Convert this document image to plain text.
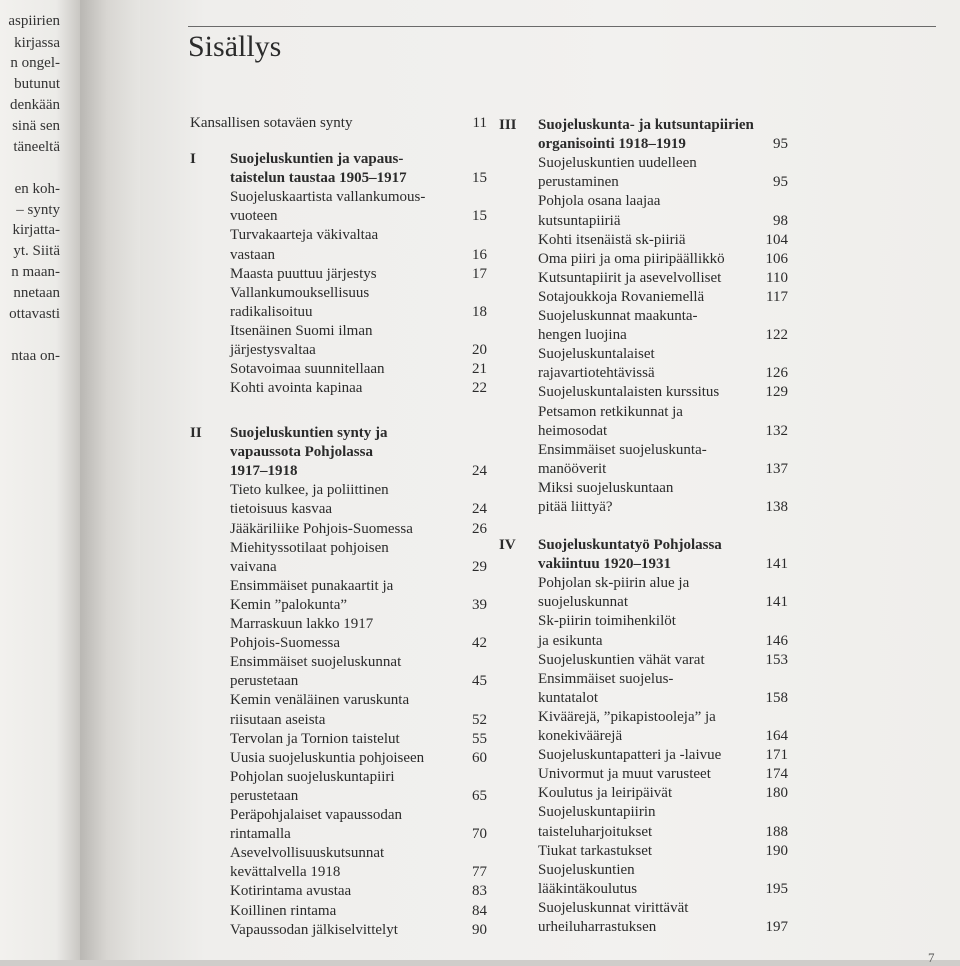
aspiirien
kirjassa
n ongel-
butunut
denkään
sinä sen
täneeltä
en koh-
– synty
kirjatta-
yt. Siitä
n maan-
nnetaan
ottavasti
ntaa on-
Sisällys
Kansallisen sotaväen synty	11
I Suojeluskuntien ja vapaus-
taistelun taustaa 1905–1917	15
Suojeluskaartista vallankumous-
vuoteen	15
Turvakaarteja väkivaltaa
vastaan	16
Maasta puuttuu järjestys	17
Vallankumouksellisuus
radikalisoituu	18
Itsenäinen Suomi ilman
järjestysvaltaa	20
Sotavoimaa suunnitellaan	21
Kohti avointa kapinaa	22
II Suojeluskuntien synty ja
vapaussota Pohjolassa
1917–1918	24
Tieto kulkee, ja poliittinen
tietoisuus kasvaa	24
Jääkäriliike Pohjois-Suomessa	26
Miehityssotilaat pohjoisen
vaivana	29
Ensimmäiset punakaartit ja
Kemin ”palokunta”	39
Marraskuun lakko 1917
Pohjois-Suomessa	42
Ensimmäiset suojeluskunnat
perustetaan	45
Kemin venäläinen varuskunta
riisutaan aseista	52
Tervolan ja Tornion taistelut	55
Uusia suojeluskuntia pohjoiseen	60
Pohjolan suojeluskuntapiiri
perustetaan	65
Peräpohjalaiset vapaussodan
rintamalla	70
Asevelvollisuuskutsunnat
kevättalvella 1918	77
Kotirintama avustaa	83
Koillinen rintama	84
Vapaussodan jälkiselvittelyt	90
III Suojeluskunta- ja kutsuntapiirien
organisointi 1918–1919	95
Suojeluskuntien uudelleen
perustaminen	95
Pohjola osana laajaa
kutsuntapiiriä	98
Kohti itsenäistä sk-piiriä	104
Oma piiri ja oma piiripäällikkö	106
Kutsuntapiirit ja asevelvolliset	110
Sotajoukkoja Rovaniemellä	117
Suojeluskunnat maakunta-
hengen luojina	122
Suojeluskuntalaiset
rajavartiotehtävissä	126
Suojeluskuntalaisten kurssitus	129
Petsamon retkikunnat ja
heimosodat	132
Ensimmäiset suojeluskunta-
manööverit	137
Miksi suojeluskuntaan
pitää liittyä?	138
IV Suojeluskuntatyö Pohjolassa
vakiintuu 1920–1931	141
Pohjolan sk-piirin alue ja
suojeluskunnat	141
Sk-piirin toimihenkilöt
ja esikunta	146
Suojeluskuntien vähät varat	153
Ensimmäiset suojelus-
kuntatalot	158
Kiväärejä, ”pikapistooleja” ja
konekiväärejä	164
Suojeluskuntapatteri ja -laivue	171
Univormut ja muut varusteet	174
Koulutus ja leiripäivät	180
Suojeluskuntapiirin
taisteluharjoitukset	188
Tiukat tarkastukset	190
Suojeluskuntien
lääkintäkoulutus	195
Suojeluskunnat virittävät
urheiluharrastuksen	197
7
